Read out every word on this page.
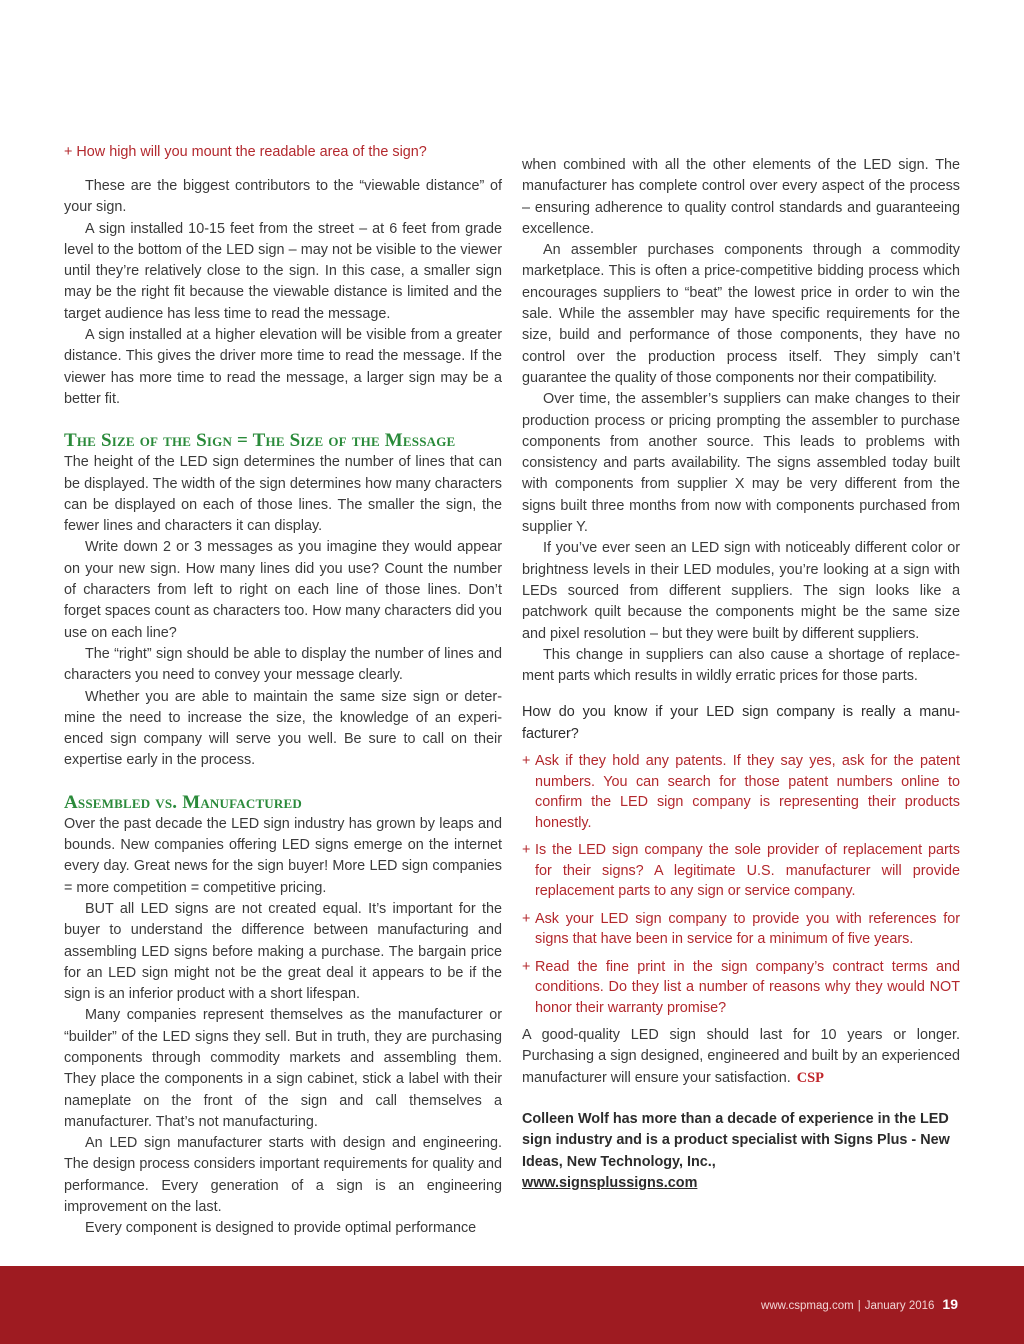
+ How high will you mount the readable area of the sign?

These are the biggest contributors to the “viewable distance” of your sign.

A sign installed 10-15 feet from the street – at 6 feet from grade level to the bottom of the LED sign – may not be visible to the viewer until they’re relatively close to the sign. In this case, a smaller sign may be the right fit because the viewable distance is limited and the target audience has less time to read the message.

A sign installed at a higher elevation will be visible from a greater distance. This gives the driver more time to read the message. If the viewer has more time to read the message, a larger sign may be a better fit.

The Size of the Sign = The Size of the Message

The height of the LED sign determines the number of lines that can be displayed. The width of the sign determines how many characters can be displayed on each of those lines. The smaller the sign, the fewer lines and characters it can display.

Write down 2 or 3 messages as you imagine they would appear on your new sign. How many lines did you use? Count the number of characters from left to right on each line of those lines. Don’t forget spaces count as characters too. How many characters did you use on each line?

The “right” sign should be able to display the number of lines and characters you need to convey your message clearly.

Whether you are able to maintain the same size sign or determine the need to increase the size, the knowledge of an experienced sign company will serve you well. Be sure to call on their expertise early in the process.

Assembled vs. Manufactured

Over the past decade the LED sign industry has grown by leaps and bounds. New companies offering LED signs emerge on the internet every day. Great news for the sign buyer! More LED sign companies = more competition = competitive pricing.

BUT all LED signs are not created equal. It’s important for the buyer to understand the difference between manufacturing and assembling LED signs before making a purchase. The bargain price for an LED sign might not be the great deal it appears to be if the sign is an inferior product with a short lifespan.

Many companies represent themselves as the manufacturer or “builder” of the LED signs they sell. But in truth, they are purchasing components through commodity markets and assembling them. They place the components in a sign cabinet, stick a label with their nameplate on the front of the sign and call themselves a manufacturer. That’s not manufacturing.

An LED sign manufacturer starts with design and engineering. The design process considers important requirements for quality and performance. Every generation of a sign is an engineering improvement on the last.

Every component is designed to provide optimal performance

when combined with all the other elements of the LED sign. The manufacturer has complete control over every aspect of the process – ensuring adherence to quality control standards and guaranteeing excellence.

An assembler purchases components through a commodity marketplace. This is often a price-competitive bidding process which encourages suppliers to “beat” the lowest price in order to win the sale. While the assembler may have specific requirements for the size, build and performance of those components, they have no control over the production process itself. They simply can’t guarantee the quality of those components nor their compatibility.

Over time, the assembler’s suppliers can make changes to their production process or pricing prompting the assembler to purchase components from another source. This leads to problems with consistency and parts availability. The signs assembled today built with components from supplier X may be very different from the signs built three months from now with components purchased from supplier Y.

If you’ve ever seen an LED sign with noticeably different color or brightness levels in their LED modules, you’re looking at a sign with LEDs sourced from different suppliers. The sign looks like a patchwork quilt because the components might be the same size and pixel resolution – but they were built by different suppliers.

This change in suppliers can also cause a shortage of replacement parts which results in wildly erratic prices for those parts.

How do you know if your LED sign company is really a manufacturer?

+ Ask if they hold any patents. If they say yes, ask for the patent numbers. You can search for those patent numbers online to confirm the LED sign company is representing their products honestly.
+ Is the LED sign company the sole provider of replacement parts for their signs? A legitimate U.S. manufacturer will provide replacement parts to any sign or service company.
+ Ask your LED sign company to provide you with references for signs that have been in service for a minimum of five years.
+ Read the fine print in the sign company’s contract terms and conditions. Do they list a number of reasons why they would NOT honor their warranty promise?

A good-quality LED sign should last for 10 years or longer. Purchasing a sign designed, engineered and built by an experienced manufacturer will ensure your satisfaction. CSP

Colleen Wolf has more than a decade of experience in the LED sign industry and is a product specialist with Signs Plus - New Ideas, New Technology, Inc.,
www.signsplussigns.com
www.cspmag.com | January 2016 19
